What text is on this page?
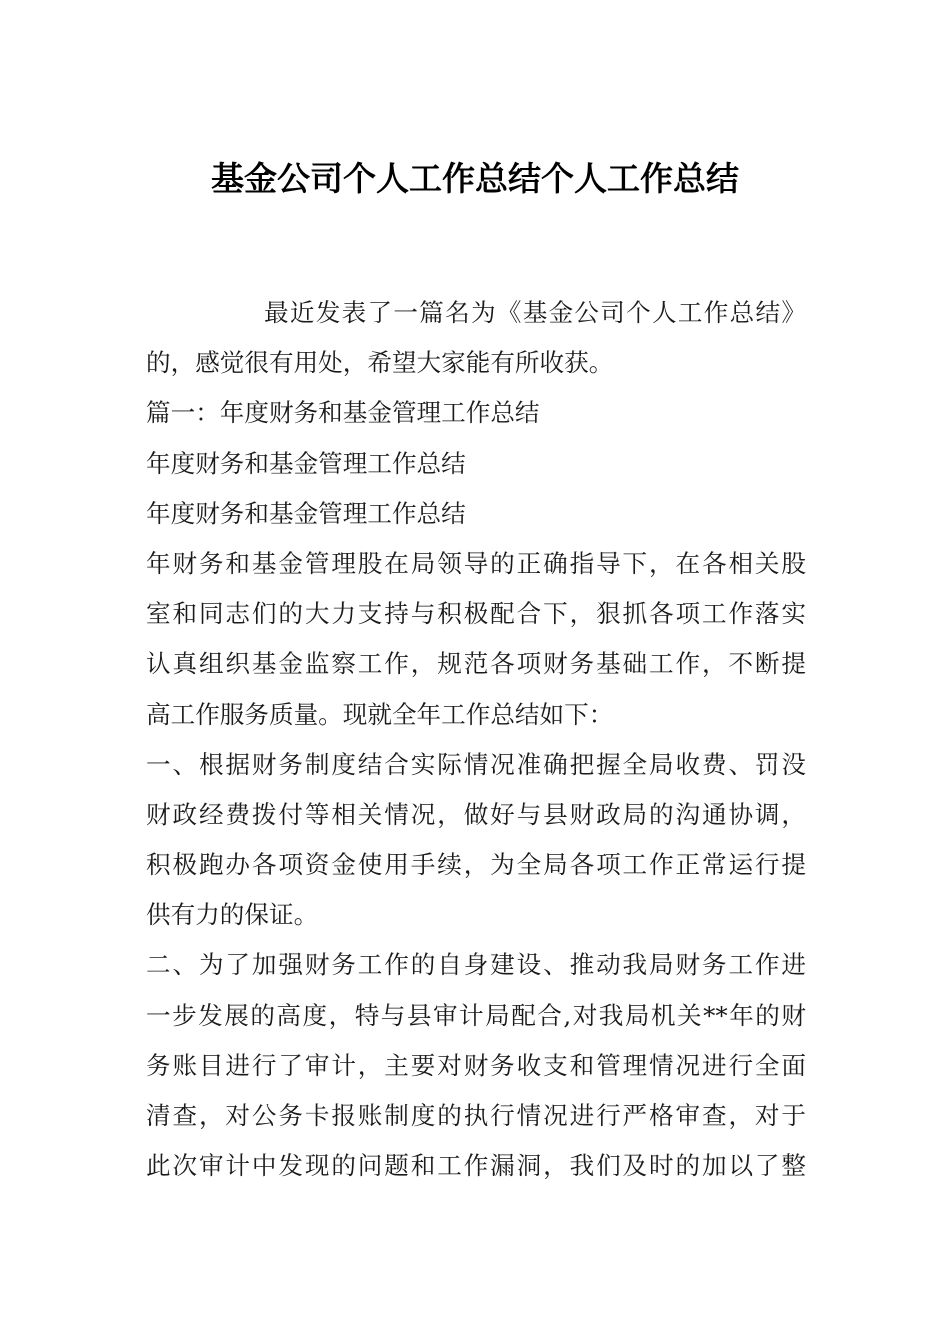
基金公司个人工作总结个人工作总结
最近发表了一篇名为《基金公司个人工作总结》
的，感觉很有用处，希望大家能有所收获。
篇一：年度财务和基金管理工作总结
年度财务和基金管理工作总结
年度财务和基金管理工作总结
年财务和基金管理股在局领导的正确指导下，在各相关股
室和同志们的大力支持与积极配合下，狠抓各项工作落实
认真组织基金监察工作，规范各项财务基础工作，不断提
高工作服务质量。现就全年工作总结如下：
一、根据财务制度结合实际情况准确把握全局收费、罚没
财政经费拨付等相关情况，做好与县财政局的沟通协调，
积极跑办各项资金使用手续，为全局各项工作正常运行提
供有力的保证。
二、为了加强财务工作的自身建设、推动我局财务工作进
一步发展的高度，特与县审计局配合,对我局机关**年的财
务账目进行了审计，主要对财务收支和管理情况进行全面
清查，对公务卡报账制度的执行情况进行严格审查，对于
此次审计中发现的问题和工作漏洞，我们及时的加以了整
